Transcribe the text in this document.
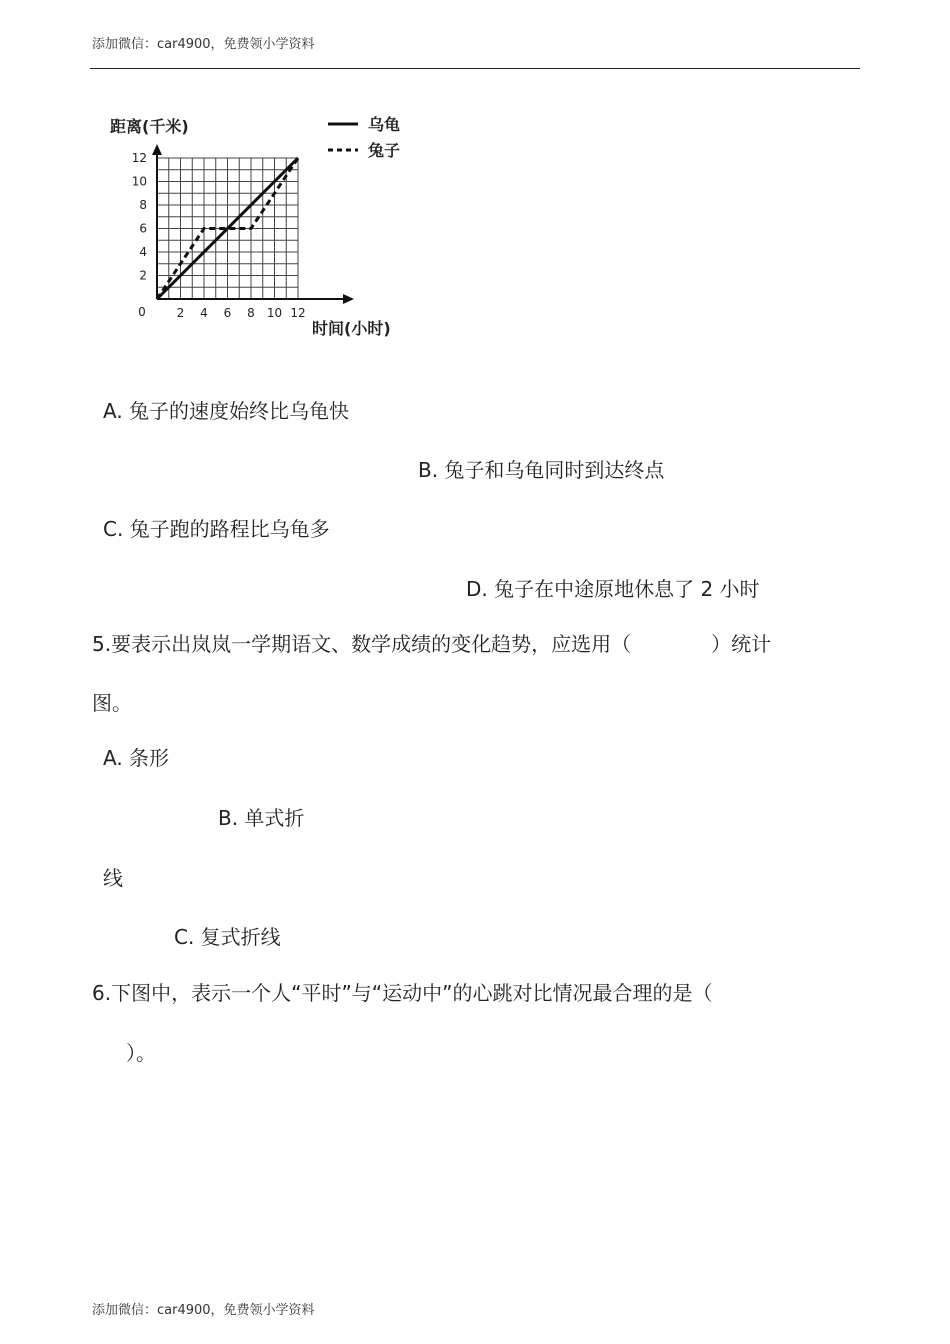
添加微信：car4900，免费领小学资料
距离(千米)
时间(小时)
0	2 4 6 8 10 12
2
4
6
8
10
12
乌龟
兔子
A. 兔子的速度始终比乌龟快
B. 兔子和乌龟同时到达终点
C. 兔子跑的路程比乌龟多
D. 兔子在中途原地休息了 2 小时
5.要表示出岚岚一学期语文、数学成绩的变化趋势，应选用（　　　　）统计
图。
A. 条形
B. 单式折
线
C. 复式折线
6.下图中，表示一个人“平时”与“运动中”的心跳对比情况最合理的是（
）。
添加微信：car4900，免费领小学资料
